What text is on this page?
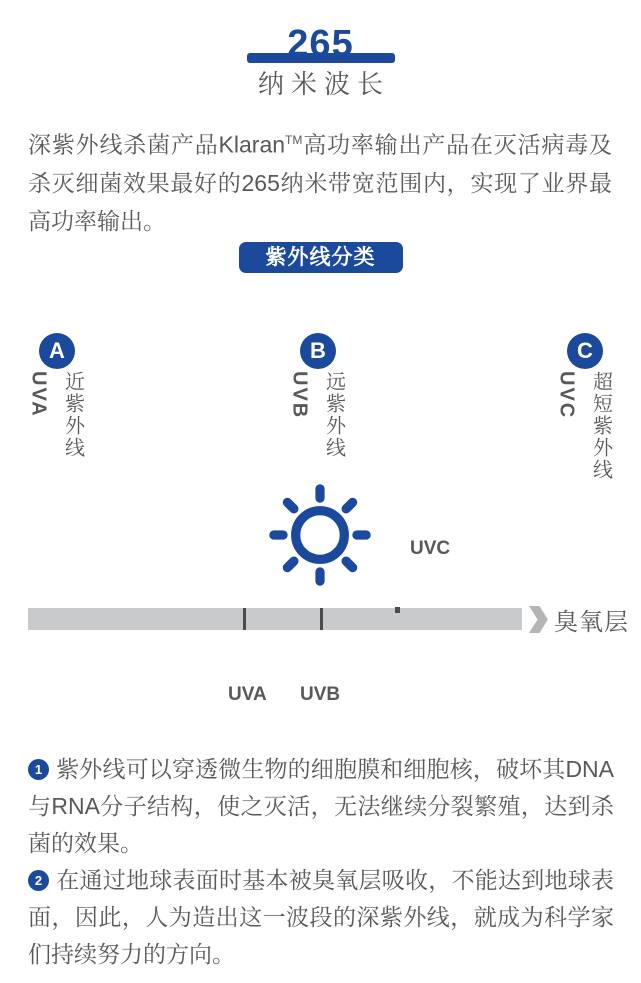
265
纳米波长

深紫外线杀菌产品Klaran™高功率输出产品在灭活病毒及杀灭细菌效果最好的265纳米带宽范围内，实现了业界最高功率输出。

紫外线分类
A
UVA 近紫外线
B
UVB 远紫外线
C
UVC 超短紫外线
UVC
臭氧层
UVA UVB

1 紫外线可以穿透微生物的细胞膜和细胞核，破坏其DNA与RNA分子结构，使之灭活，无法继续分裂繁殖，达到杀菌的效果。

2 在通过地球表面时基本被臭氧层吸收，不能达到地球表面，因此，人为造出这一波段的深紫外线，就成为科学家们持续努力的方向。
